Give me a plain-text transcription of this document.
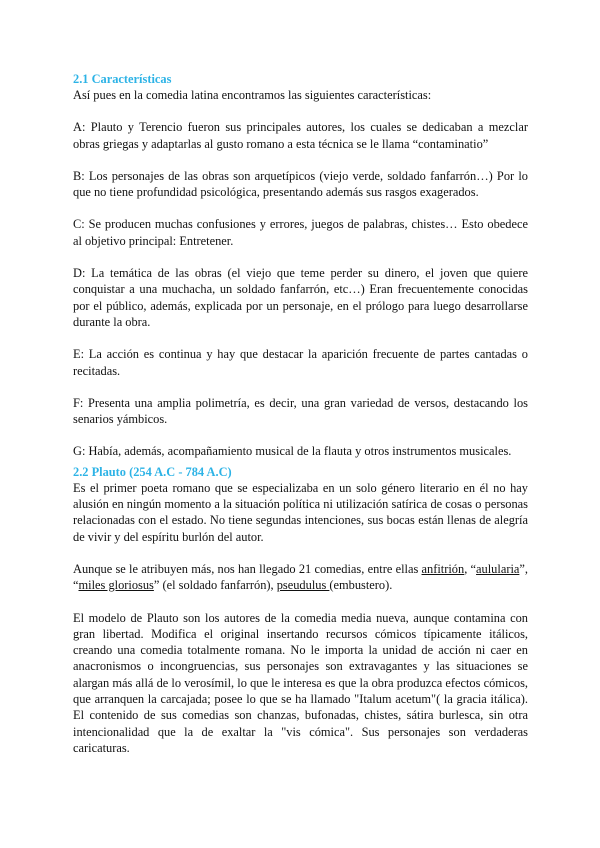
2.1 Características

Así pues en la comedia latina encontramos las siguientes características:

A: Plauto y Terencio fueron sus principales autores, los cuales se dedicaban a mezclar obras griegas y adaptarlas al gusto romano a esta técnica se le llama “contaminatio”

B: Los personajes de las obras son arquetípicos (viejo verde, soldado fanfarrón…) Por lo que no tiene profundidad psicológica, presentando además sus rasgos exagerados.

C: Se producen muchas confusiones y errores, juegos de palabras, chistes… Esto obedece al objetivo principal: Entretener.

D: La temática de las obras (el viejo que teme perder su dinero, el joven que quiere conquistar a una muchacha, un soldado fanfarrón, etc…) Eran frecuentemente conocidas por el público, además, explicada por un personaje, en el prólogo para luego desarrollarse durante la obra.

E: La acción es continua y hay que destacar la aparición frecuente de partes cantadas o recitadas.

F: Presenta una amplia polimetría, es decir, una gran variedad de versos, destacando los senarios yámbicos.

G: Había, además, acompañamiento musical de la flauta y otros instrumentos musicales.

2.2 Plauto (254 A.C - 784 A.C)

Es el primer poeta romano que se especializaba en un solo género literario en él no hay alusión en ningún momento a la situación política ni utilización satírica de cosas o personas relacionadas con el estado. No tiene segundas intenciones, sus bocas están llenas de alegría de vivir y del espíritu burlón del autor.

Aunque se le atribuyen más, nos han llegado 21 comedias, entre ellas anfitrión, “aulularia”, “miles gloriosus” (el soldado fanfarrón), pseudulus (embustero).

El modelo de Plauto son los autores de la comedia media nueva, aunque contamina con gran libertad. Modifica el original insertando recursos cómicos típicamente itálicos, creando una comedia totalmente romana. No le importa la unidad de acción ni caer en anacronismos o incongruencias, sus personajes son extravagantes y las situaciones se alargan más allá de lo verosímil, lo que le interesa es que la obra produzca efectos cómicos, que arranquen la carcajada; posee lo que se ha llamado "Italum acetum"( la gracia itálica). El contenido de sus comedias son chanzas, bufonadas, chistes, sátira burlesca, sin otra intencionalidad que la de exaltar la "vis cómica". Sus personajes son verdaderas caricaturas.
